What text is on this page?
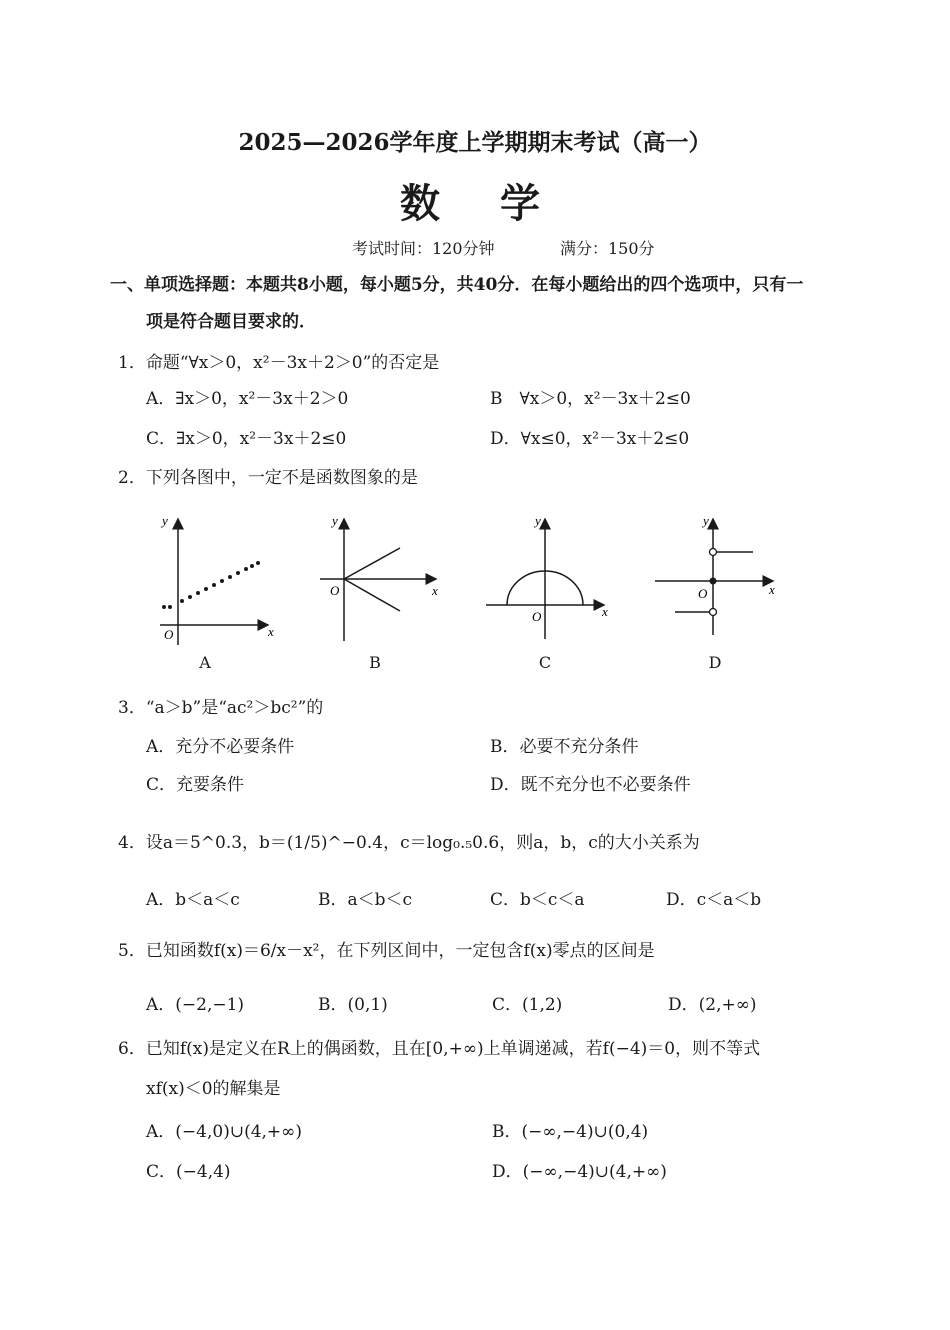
2025—2026学年度上学期期末考试（高一）
数　学
考试时间：120分钟	满分：150分
一、单项选择题：本题共8小题，每小题5分，共40分．在每小题给出的四个选项中，只有一
项是符合题目要求的．
1．命题“∀x＞0，x²－3x＋2＞0”的否定是
A．∃x＞0，x²－3x＋2＞0	B　∀x＞0，x²－3x＋2≤0
C．∃x＞0，x²－3x＋2≤0	D．∀x≤0，x²－3x＋2≤0
2．下列各图中，一定不是函数图象的是
O	x
y
A
O	x
y
B
O	x
y
C
O	x
y
D
3．“a＞b”是“ac²＞bc²”的
A．充分不必要条件	B．必要不充分条件
C．充要条件	D．既不充分也不必要条件
4．设a＝5^0.3，b＝(1/5)^−0.4，c＝log₀.₅0.6，则a，b，c的大小关系为
A．b＜a＜c	B．a＜b＜c	C．b＜c＜a	D．c＜a＜b
5．已知函数f(x)＝6/x－x²，在下列区间中，一定包含f(x)零点的区间是
A．(−2,−1)	B．(0,1)	C．(1,2)	D．(2,+∞)
6．已知f(x)是定义在R上的偶函数，且在[0,+∞)上单调递减，若f(−4)＝0，则不等式
xf(x)＜0的解集是
A．(−4,0)∪(4,+∞)	B．(−∞,−4)∪(0,4)
C．(−4,4)	D．(−∞,−4)∪(4,+∞)
